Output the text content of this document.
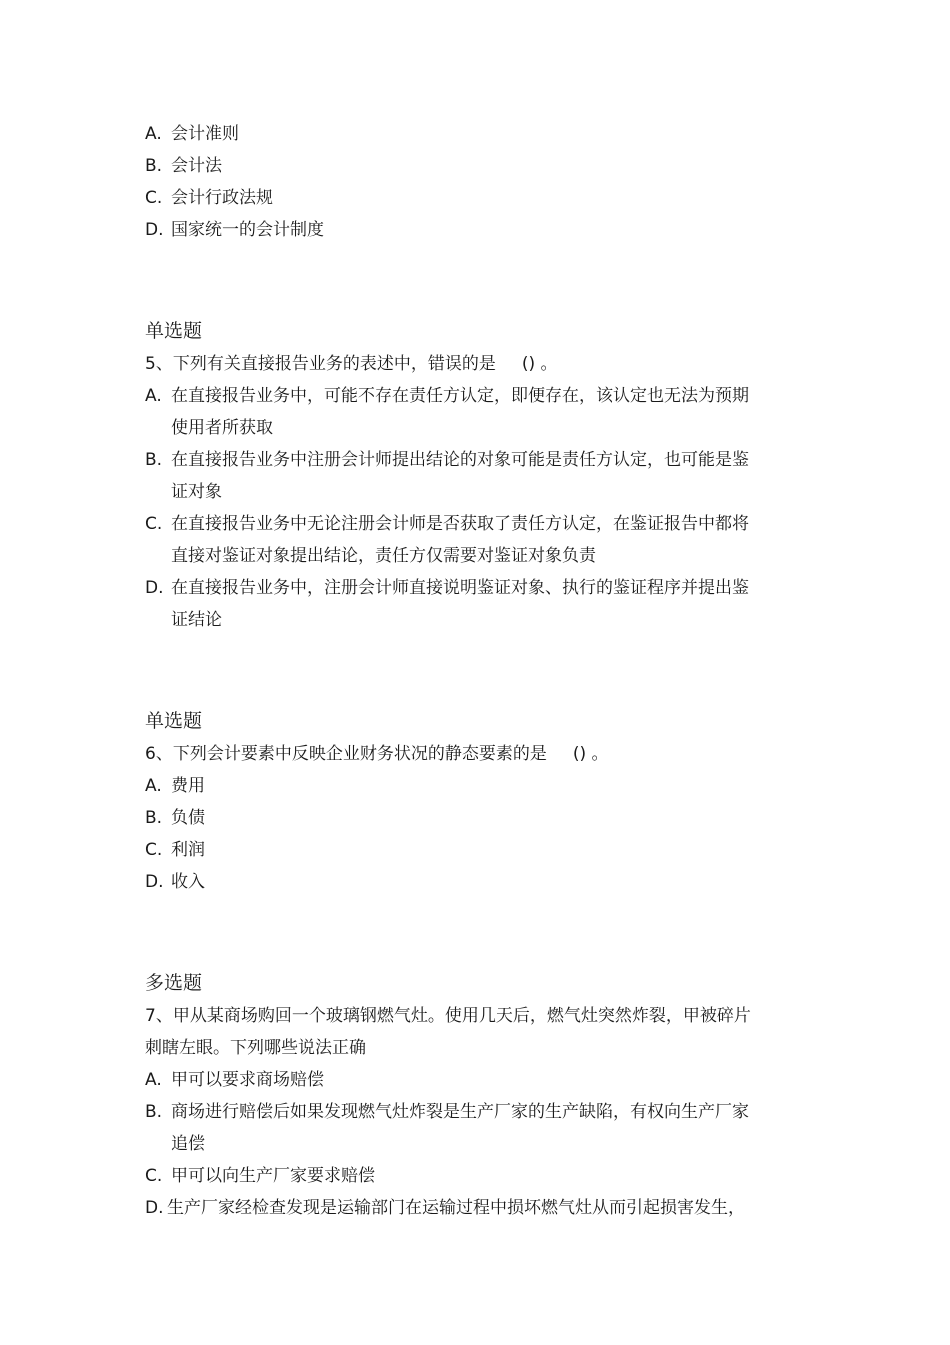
A. 会计准则
B. 会计法
C. 会计行政法规
D. 国家统一的会计制度
单选题
5、下列有关直接报告业务的表述中，错误的是 () 。
A. 在直接报告业务中，可能不存在责任方认定，即便存在，该认定也无法为预期使用者所获取
B. 在直接报告业务中注册会计师提出结论的对象可能是责任方认定，也可能是鉴证对象
C. 在直接报告业务中无论注册会计师是否获取了责任方认定，在鉴证报告中都将直接对鉴证对象提出结论，责任方仅需要对鉴证对象负责
D. 在直接报告业务中，注册会计师直接说明鉴证对象、执行的鉴证程序并提出鉴证结论
单选题
6、下列会计要素中反映企业财务状况的静态要素的是 () 。
A. 费用
B. 负债
C. 利润
D. 收入
多选题
7、甲从某商场购回一个玻璃钢燃气灶。使用几天后，燃气灶突然炸裂，甲被碎片刺瞎左眼。下列哪些说法正确
A. 甲可以要求商场赔偿
B. 商场进行赔偿后如果发现燃气灶炸裂是生产厂家的生产缺陷，有权向生产厂家追偿
C. 甲可以向生产厂家要求赔偿
D. 生产厂家经检查发现是运输部门在运输过程中损坏燃气灶从而引起损害发生，
